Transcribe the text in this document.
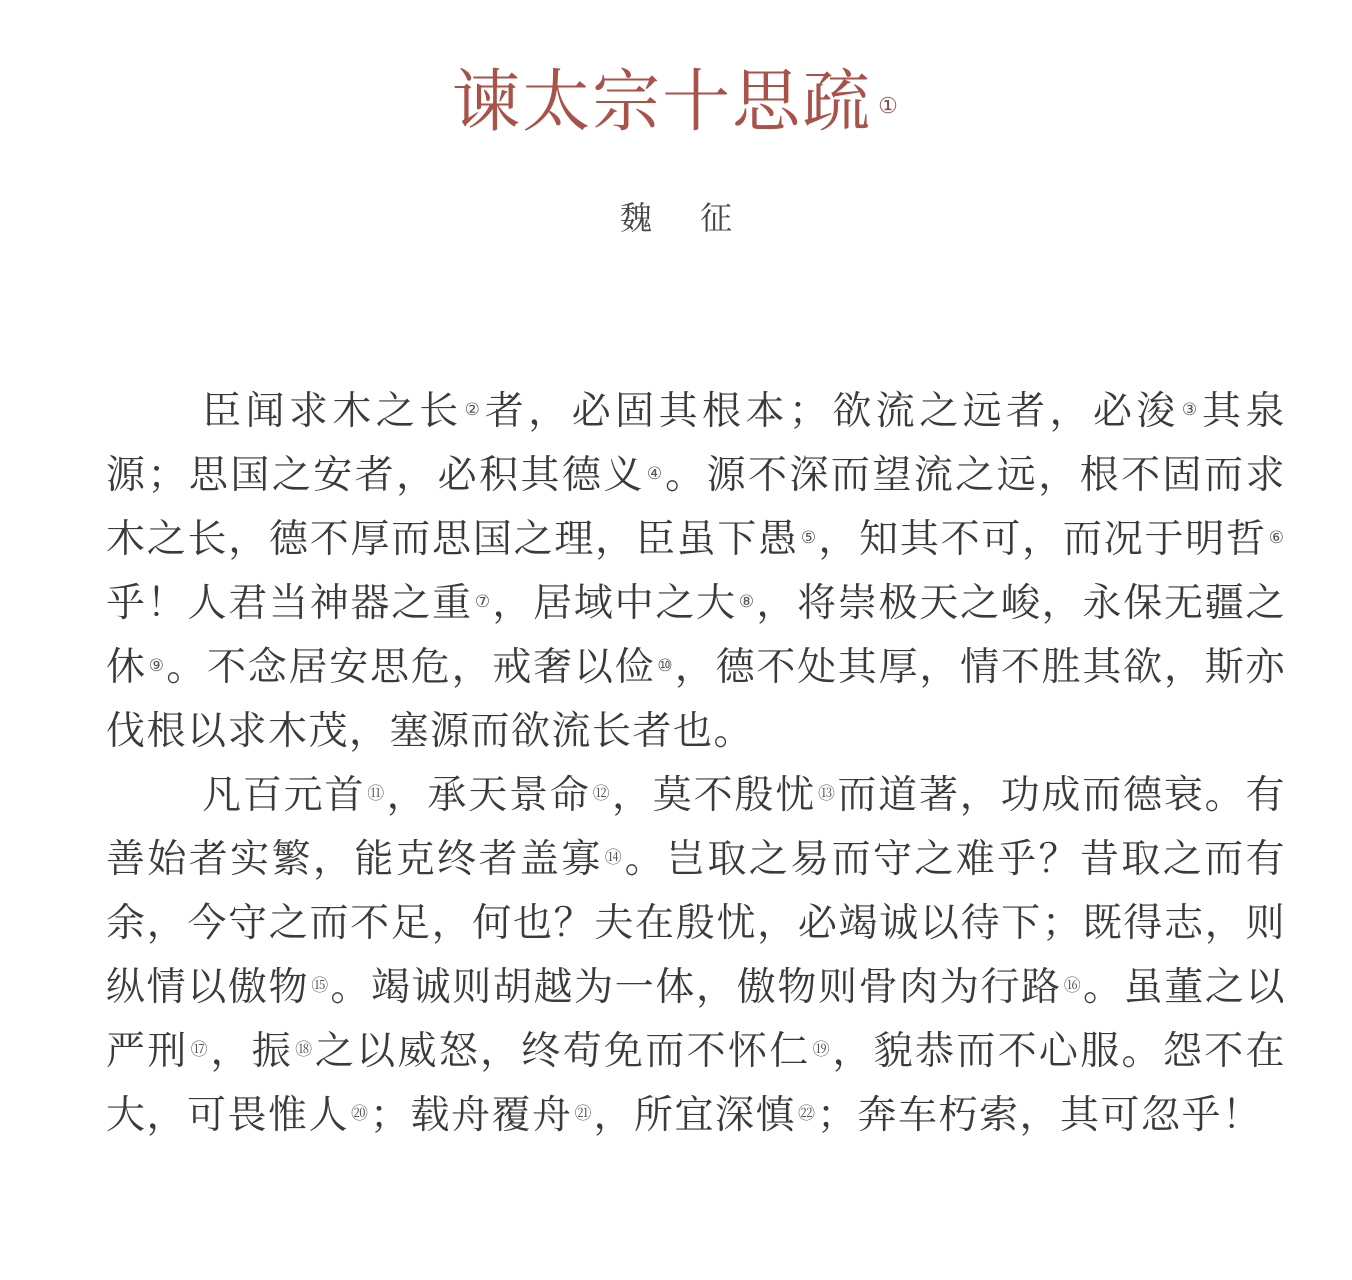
谏太宗十思疏 ①
魏征

臣闻求木之长 ②者，必固其根本；欲流之远者，必浚 ③其泉源；思国之安者，必积其德义 ④。源不深而望流之远，根不固而求木之长，德不厚而思国之理，臣虽下愚 ⑤，知其不可，而况于明哲 ⑥乎！人君当神器之重 ⑦，居域中之大 ⑧，将崇极天之峻，永保无疆之休 ⑨。不念居安思危，戒奢以俭 ⑩，德不处其厚，情不胜其欲，斯亦伐根以求木茂，塞源而欲流长者也。

凡百元首 ⑪，承天景命 ⑫，莫不殷忧 ⑬而道著，功成而德衰。有善始者实繁，能克终者盖寡 ⑭。岂取之易而守之难乎？昔取之而有余，今守之而不足，何也？夫在殷忧，必竭诚以待下；既得志，则纵情以傲物 ⑮。竭诚则胡越为一体，傲物则骨肉为行路 ⑯。虽董之以严刑 ⑰，振 ⑱之以威怒，终苟免而不怀仁 ⑲，貌恭而不心服。怨不在大，可畏惟人 ⑳；载舟覆舟 $^㉑$，所宜深慎 $^㉒$；奔车朽索，其可忽乎！
